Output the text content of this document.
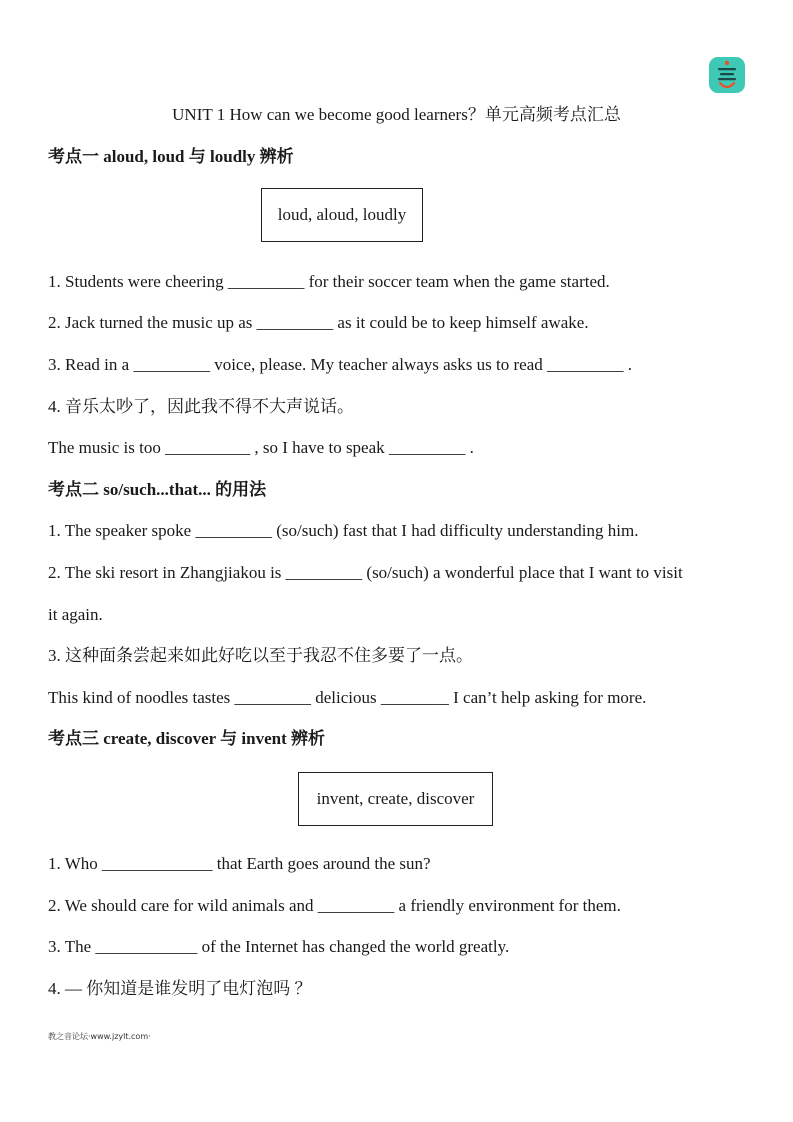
UNIT 1 How can we become good learners？单元高频考点汇总
考点一 aloud, loud 与 loudly 辨析
loud, aloud, loudly
1. Students were cheering _________ for their soccer team when the game started.
2. Jack turned the music up as _________ as it could be to keep himself awake.
3. Read in a _________ voice, please. My teacher always asks us to read _________ .
4. 音乐太吵了，因此我不得不大声说话。
The music is too __________ , so I have to speak _________ .
考点二 so/such...that... 的用法
1. The speaker spoke _________ (so/such) fast that I had difficulty understanding him.
2. The ski resort in Zhangjiakou is _________ (so/such) a wonderful place that I want to visit
it again.
3. 这种面条尝起来如此好吃以至于我忍不住多要了一点。
This kind of noodles tastes _________ delicious ________ I can’t help asking for more.
考点三 create, discover 与 invent 辨析
invent, create, discover
1. Who _____________ that Earth goes around the sun?
2. We should care for wild animals and _________ a friendly environment for them.
3. The ____________ of the Internet has changed the world greatly.
4. — 你知道是谁发明了电灯泡吗 ？
教之音论坛·www.jzylt.com·
